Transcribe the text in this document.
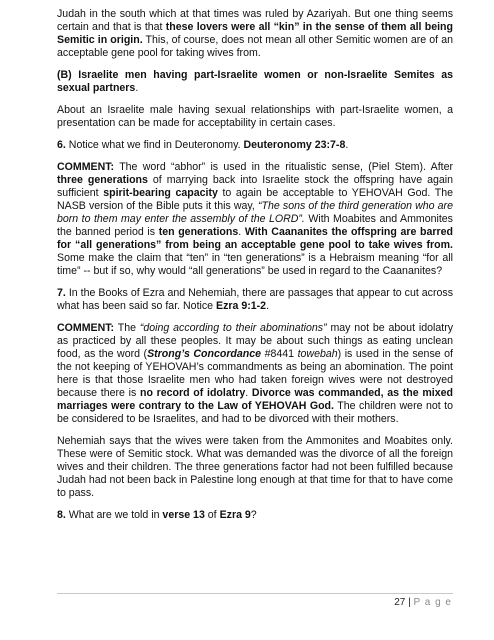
Judah in the south which at that times was ruled by Azariyah. But one thing seems certain and that is that these lovers were all “kin” in the sense of them all being Semitic in origin. This, of course, does not mean all other Semitic women are of an acceptable gene pool for taking wives from.

(B) Israelite men having part-Israelite women or non-Israelite Semites as sexual partners.

About an Israelite male having sexual relationships with part-Israelite women, a presentation can be made for acceptability in certain cases.

6. Notice what we find in Deuteronomy. Deuteronomy 23:7-8.

COMMENT: The word “abhor” is used in the ritualistic sense, (Piel Stem). After three generations of marrying back into Israelite stock the offspring have again sufficient spirit-bearing capacity to again be acceptable to YEHOVAH God. The NASB version of the Bible puts it this way, “The sons of the third generation who are born to them may enter the assembly of the LORD”. With Moabites and Ammonites the banned period is ten generations. With Caananites the offspring are barred for “all generations” from being an acceptable gene pool to take wives from. Some make the claim that “ten” in “ten generations” is a Hebraism meaning “for all time” -- but if so, why would “all generations” be used in regard to the Caananites?

7. In the Books of Ezra and Nehemiah, there are passages that appear to cut across what has been said so far. Notice Ezra 9:1-2.

COMMENT: The “doing according to their abominations” may not be about idolatry as practiced by all these peoples. It may be about such things as eating unclean food, as the word (Strong’s Concordance #8441 towebah) is used in the sense of the not keeping of YEHOVAH’s commandments as being an abomination. The point here is that those Israelite men who had taken foreign wives were not destroyed because there is no record of idolatry. Divorce was commanded, as the mixed marriages were contrary to the Law of YEHOVAH God. The children were not to be considered to be Israelites, and had to be divorced with their mothers.

Nehemiah says that the wives were taken from the Ammonites and Moabites only. These were of Semitic stock. What was demanded was the divorce of all the foreign wives and their children. The three generations factor had not been fulfilled because Judah had not been back in Palestine long enough at that time for that to have come to pass.

8. What are we told in verse 13 of Ezra 9?

27 | P a g e
